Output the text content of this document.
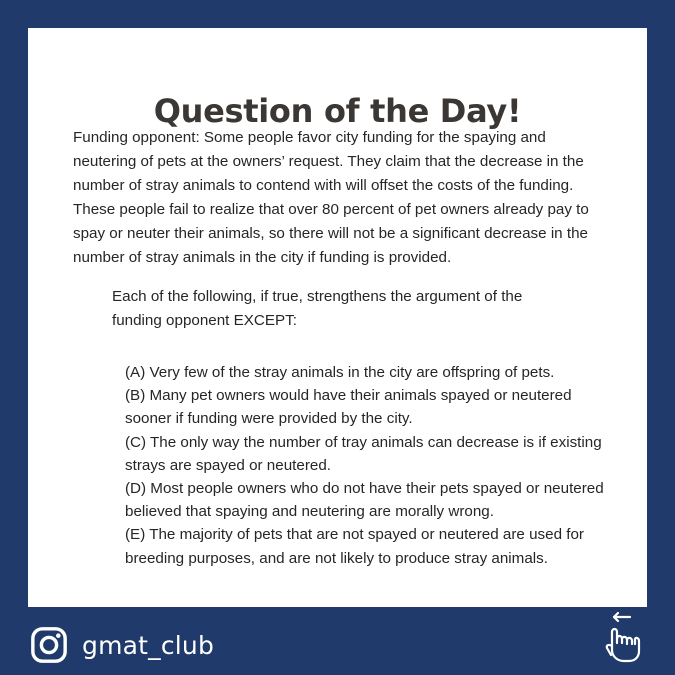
Question of the Day!

Funding opponent: Some people favor city funding for the spaying and neutering of pets at the owners’ request. They claim that the decrease in the number of stray animals to contend with will offset the costs of the funding. These people fail to realize that over 80 percent of pet owners already pay to spay or neuter their animals, so there will not be a significant decrease in the number of stray animals in the city if funding is provided.

Each of the following, if true, strengthens the argument of the funding opponent EXCEPT:

(A) Very few of the stray animals in the city are offspring of pets.
(B) Many pet owners would have their animals spayed or neutered sooner if funding were provided by the city.
(C) The only way the number of tray animals can decrease is if existing strays are spayed or neutered.
(D) Most people owners who do not have their pets spayed or neutered believed that spaying and neutering are morally wrong.
(E) The majority of pets that are not spayed or neutered are used for breeding purposes, and are not likely to produce stray animals.
gmat_club
